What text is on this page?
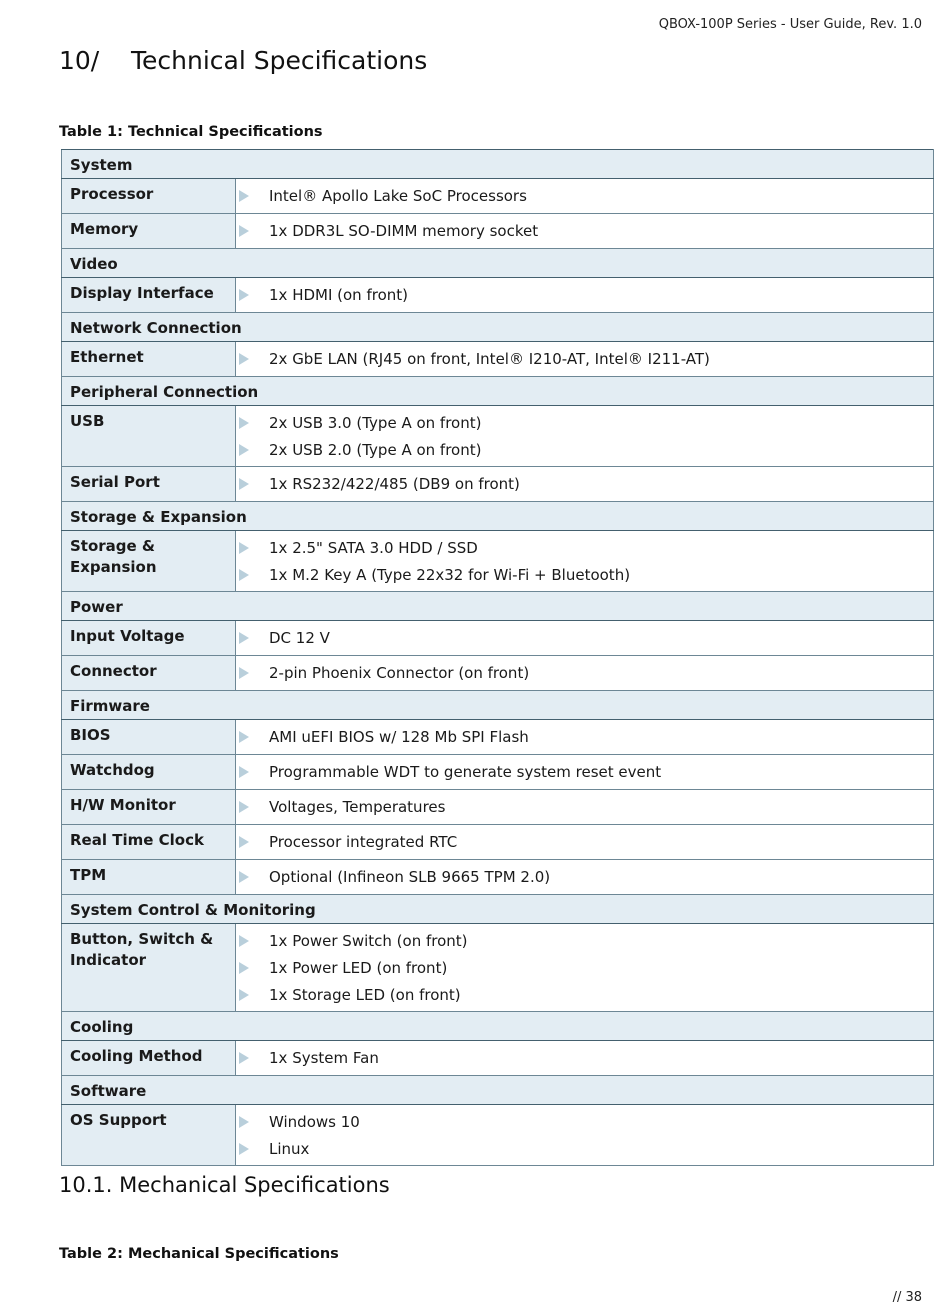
QBOX-100P Series - User Guide, Rev. 1.0
10/	Technical Specifications
Table 1: Technical Specifications
System	
Processor	Intel® Apollo Lake SoC Processors

Memory	1x DDR3L SO-DIMM memory socket

Video	
Display Interface	1x HDMI (on front)

Network Connection	
Ethernet	2x GbE LAN (RJ45 on front, Intel® I210-AT, Intel® I211-AT)

Peripheral Connection	
USB	2x USB 3.0 (Type A on front)
2x USB 2.0 (Type A on front)

Serial Port	1x RS232/422/485 (DB9 on front)

Storage & Expansion	
Storage & Expansion	1x 2.5" SATA 3.0 HDD / SSD
1x M.2 Key A (Type 22x32 for Wi-Fi + Bluetooth)

Power	
Input Voltage	DC 12 V

Connector	2-pin Phoenix Connector (on front)

Firmware	
BIOS	AMI uEFI BIOS w/ 128 Mb SPI Flash

Watchdog	Programmable WDT to generate system reset event

H/W Monitor	Voltages, Temperatures

Real Time Clock	Processor integrated RTC

TPM	Optional (Infineon SLB 9665 TPM 2.0)

System Control & Monitoring	
Button, Switch & Indicator	1x Power Switch (on front)
1x Power LED (on front)
1x Storage LED (on front)

Cooling	
Cooling Method	1x System Fan

Software	
OS Support	Windows 10
Linux
10.1. Mechanical Specifications
Table 2: Mechanical Specifications
// 38
